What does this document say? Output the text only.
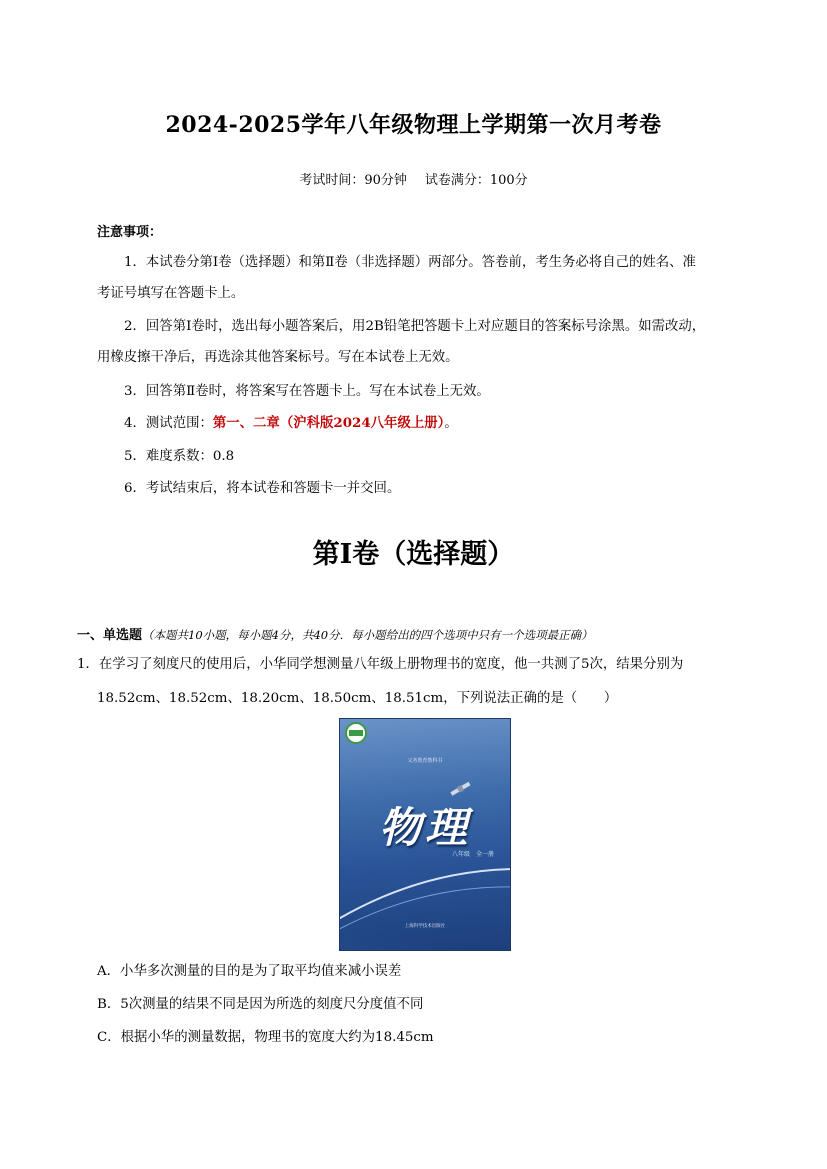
2024-2025学年八年级物理上学期第一次月考卷
考试时间：90分钟 试卷满分：100分
注意事项：
1．本试卷分第Ⅰ卷（选择题）和第Ⅱ卷（非选择题）两部分。答卷前，考生务必将自己的姓名、准
考证号填写在答题卡上。
2．回答第Ⅰ卷时，选出每小题答案后，用2B铅笔把答题卡上对应题目的答案标号涂黑。如需改动，
用橡皮擦干净后，再选涂其他答案标号。写在本试卷上无效。
3．回答第Ⅱ卷时，将答案写在答题卡上。写在本试卷上无效。
4．测试范围：第一、二章（沪科版2024八年级上册）。
5．难度系数：0.8
6．考试结束后，将本试卷和答题卡一并交回。
第Ⅰ卷（选择题）
一、单选题（本题共10小题，每小题4分，共40分．每小题给出的四个选项中只有一个选项最正确）
1．在学习了刻度尺的使用后，小华同学想测量八年级上册物理书的宽度，他一共测了5次，结果分别为
18.52cm、18.52cm、18.20cm、18.50cm、18.51cm，下列说法正确的是（　　）
义务教育教科书
物理
八年级　全一册
上海科学技术出版社
A．小华多次测量的目的是为了取平均值来减小误差
B．5次测量的结果不同是因为所选的刻度尺分度值不同
C．根据小华的测量数据，物理书的宽度大约为18.45cm
